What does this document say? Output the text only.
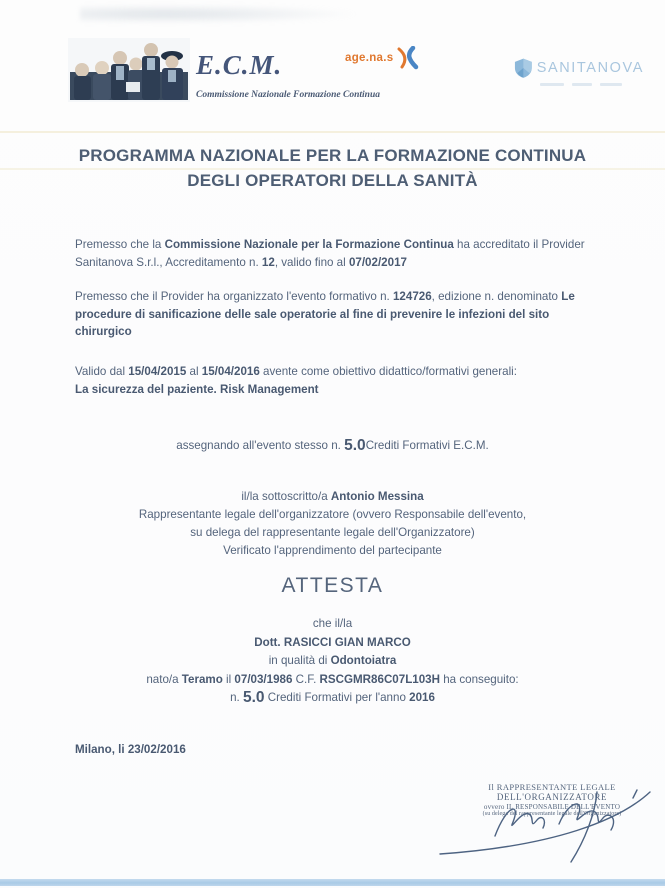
E.C.M.
Commissione Nazionale Formazione Continua
age.na.s
SANITANOVA
PROGRAMMA NAZIONALE PER LA FORMAZIONE CONTINUA
DEGLI OPERATORI DELLA SANITÀ
Premesso che la Commissione Nazionale per la Formazione Continua ha accreditato il Provider Sanitanova S.r.l., Accreditamento n. 12, valido fino al 07/02/2017
Premesso che il Provider ha organizzato l'evento formativo n. 124726, edizione n. denominato Le procedure di sanificazione delle sale operatorie al fine di prevenire le infezioni del sito chirurgico
Valido dal 15/04/2015 al 15/04/2016 avente come obiettivo didattico/formativi generali:
La sicurezza del paziente. Risk Management
assegnando all'evento stesso n. 5.0Crediti Formativi E.C.M.
il/la sottoscritto/a Antonio Messina
Rappresentante legale dell'organizzatore (ovvero Responsabile dell'evento,
su delega del rappresentante legale dell'Organizzatore)
Verificato l'apprendimento del partecipante
ATTESTA
che il/la
Dott. RASICCI GIAN MARCO
in qualità di Odontoiatra
nato/a Teramo il 07/03/1986 C.F. RSCGMR86C07L103H ha conseguito:
n. 5.0 Crediti Formativi per l'anno 2016
Milano, li 23/02/2016
Il RAPPRESENTANTE LEGALE
DELL'ORGANIZZATORE
ovvero IL RESPONSABILE DELL'EVENTO
(su delega del rappresentante legale dell'Organizzatore)
